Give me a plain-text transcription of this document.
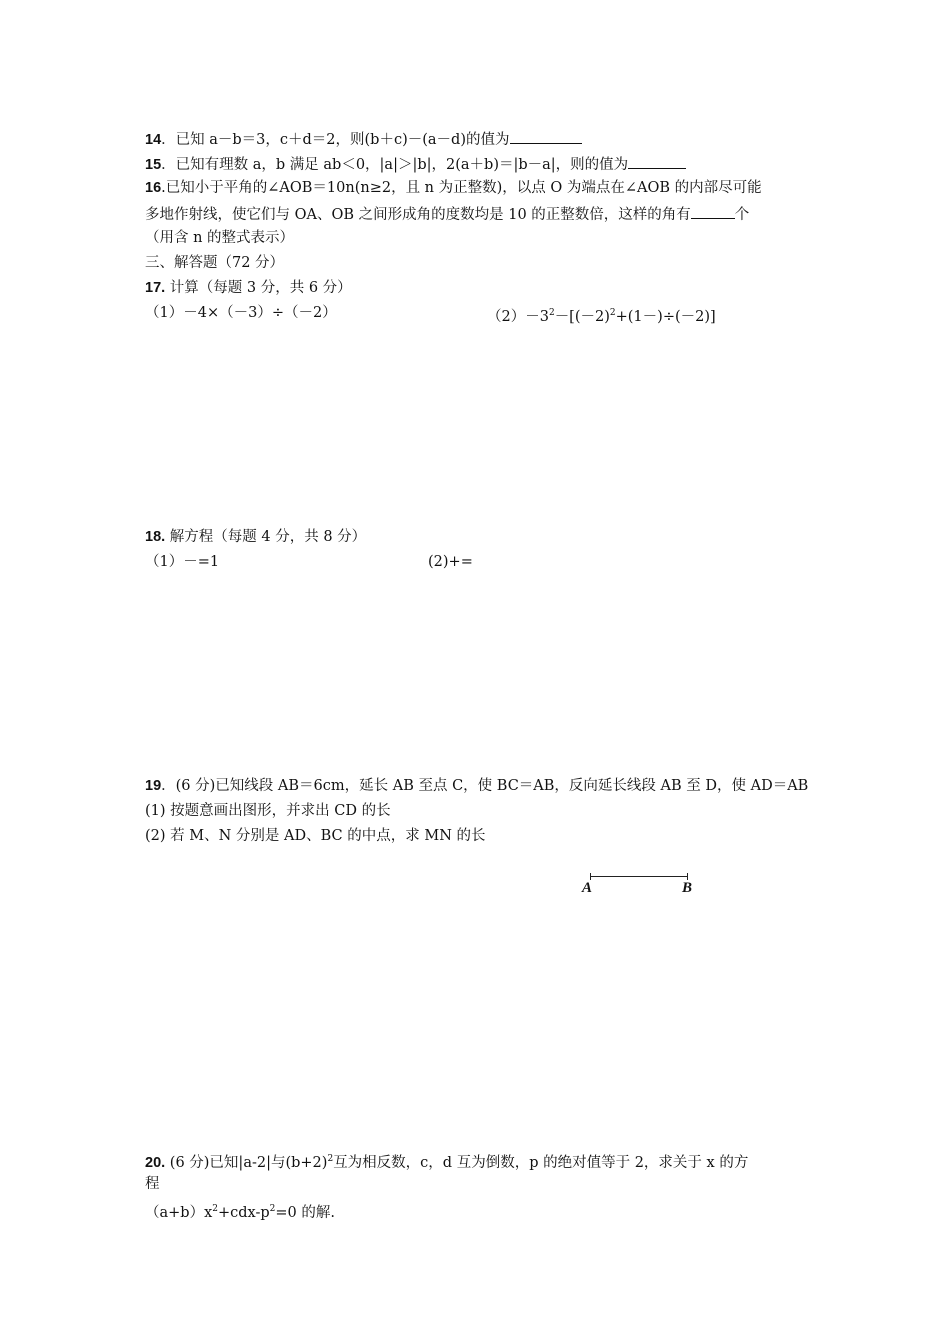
14．已知 a－b＝3，c＋d＝2，则(b＋c)－(a－d)的值为
15．已知有理数 a，b 满足 ab＜0，|a|＞|b|，2(a＋b)＝|b－a|，则的值为
16.已知小于平角的∠AOB＝10n(n≥2，且 n 为正整数)，以点 O 为端点在∠AOB 的内部尽可能
多地作射线，使它们与 OA、OB 之间形成角的度数均是 10 的正整数倍，这样的角有	个
（用含 n 的整式表示）
三、解答题（72 分）
17. 计算（每题 3 分，共 6 分）
（1）－4×（－3）÷（－2）	$(2)-3^2-[(-2)^2+(1-)\div(-2)]$
18. 解方程（每题 4 分，共 8 分）
（1）－=1	(2)+=
19．(6 分)已知线段 AB＝6cm，延长 AB 至点 C，使 BC＝AB，反向延长线段 AB 至 D，使 AD＝AB
(1) 按题意画出图形，并求出 CD 的长
(2) 若 M、N 分别是 AD、BC 的中点，求 MN 的长
A	B
20. (6 分)已知|a-2|与$(b+2)^2$互为相反数，c，d 互为倒数，p 的绝对值等于 2，求关于 x 的方
程
$(a+b)x^2+cdx-p^2=0$ 的解.
